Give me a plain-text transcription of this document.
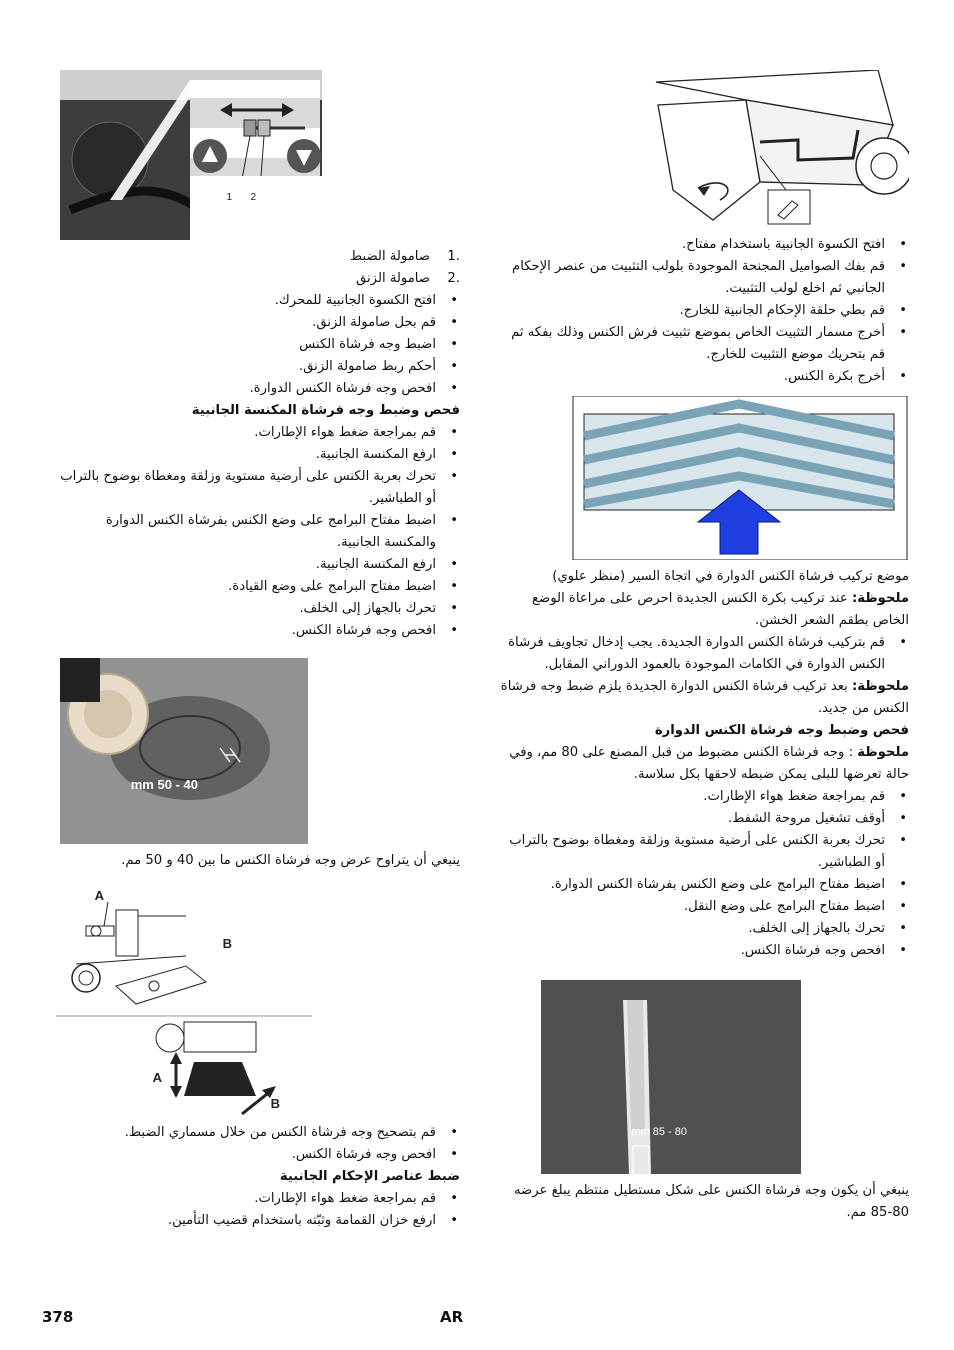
• افتح الكسوة الجانبية باستخدام مفتاح.
• قم بفك الصواميل المجنحة الموجودة بلولب التثبيت من عنصر الإحكام الجانبي ثم اخلع لولب التثبيت.
• قم بطي حلقة الإحكام الجانبية للخارج.
• أخرج مسمار التثبيت الخاص بموضع تثبيت فرش الكنس وذلك بفكه ثم قم بتحريك موضع التثبيت للخارج.
• أخرج بكرة الكنس.

موضع تركيب فرشاة الكنس الدوارة في اتجاة السير (منظر علوي)

ملحوظة: عند تركيب بكرة الكنس الجديدة احرص على مراعاة الوضع الخاص بطقم الشعر الخشن.

• قم بتركيب فرشاة الكنس الدوارة الجديدة. يجب إدخال تجاويف فرشاة الكنس الدوارة في الكامات الموجودة بالعمود الدوراني المقابل.

ملحوظة: بعد تركيب فرشاة الكنس الدوارة الجديدة يلزم ضبط وجه فرشاة الكنس من جديد.

فحص وضبط وجه فرشاة الكنس الدوارة

ملحوظة : وجه فرشاة الكنس مضبوط من قبل المصنع على 80 مم، وفي حالة تعرضها للبلى يمكن ضبطه لاحقها بكل سلاسة.

• قم بمراجعة ضغط هواء الإطارات.
• أوقف تشغيل مروحة الشفط.
• تحرك بعربة الكنس على أرضية مستوية وزلقة ومغطاة بوضوح بالتراب أو الطباشير.
• اضبط مفتاح البرامج على وضع الكنس بفرشاة الكنس الدوارة.
• اضبط مفتاح البرامج على وضع النقل.
• تحرك بالجهاز إلى الخلف.
• افحص وجه فرشاة الكنس.
80 - 85 mm

ينبغي أن يكون وجه فرشاة الكنس على شكل مستطيل منتظم يبلغ عرضه 80-85 مم.

1 2
1.
صامولة الضبط
2.
صامولة الزنق
• افتح الكسوة الجانبية للمحرك.
• قم بحل صامولة الزنق.
• اضبط وجه فرشاة الكنس
• أحكم ربط صامولة الزنق.
• افحص وجه فرشاة الكنس الدوارة.

فحص وضبط وجه فرشاة المكنسة الجانبية

• قم بمراجعة ضغط هواء الإطارات.
• ارفع المكنسة الجانبية.
• تحرك بعربة الكنس على أرضية مستوية وزلقة ومغطاة بوضوح بالتراب أو الطباشير.
• اضبط مفتاح البرامج على وضع الكنس بفرشاة الكنس الدوارة والمكنسة الجانبية.
• ارفع المكنسة الجانبية.
• اضبط مفتاح البرامج على وضع القيادة.
• تحرك بالجهاز إلى الخلف.
• افحص وجه فرشاة الكنس.
40 - 50 mm

ينبغي أن يتراوح عرض وجه فرشاة الكنس ما بين 40 و 50 مم.

A
B
A
B
• قم بتصحيح وجه فرشاة الكنس من خلال مسماري الضبط.
• افحص وجه فرشاة الكنس.

ضبط عناصر الإحكام الجانبية

• قم بمراجعة ضغط هواء الإطارات.
• ارفع خزان القمامة وثبّته باستخدام قضيب التأمين.
378	AR
